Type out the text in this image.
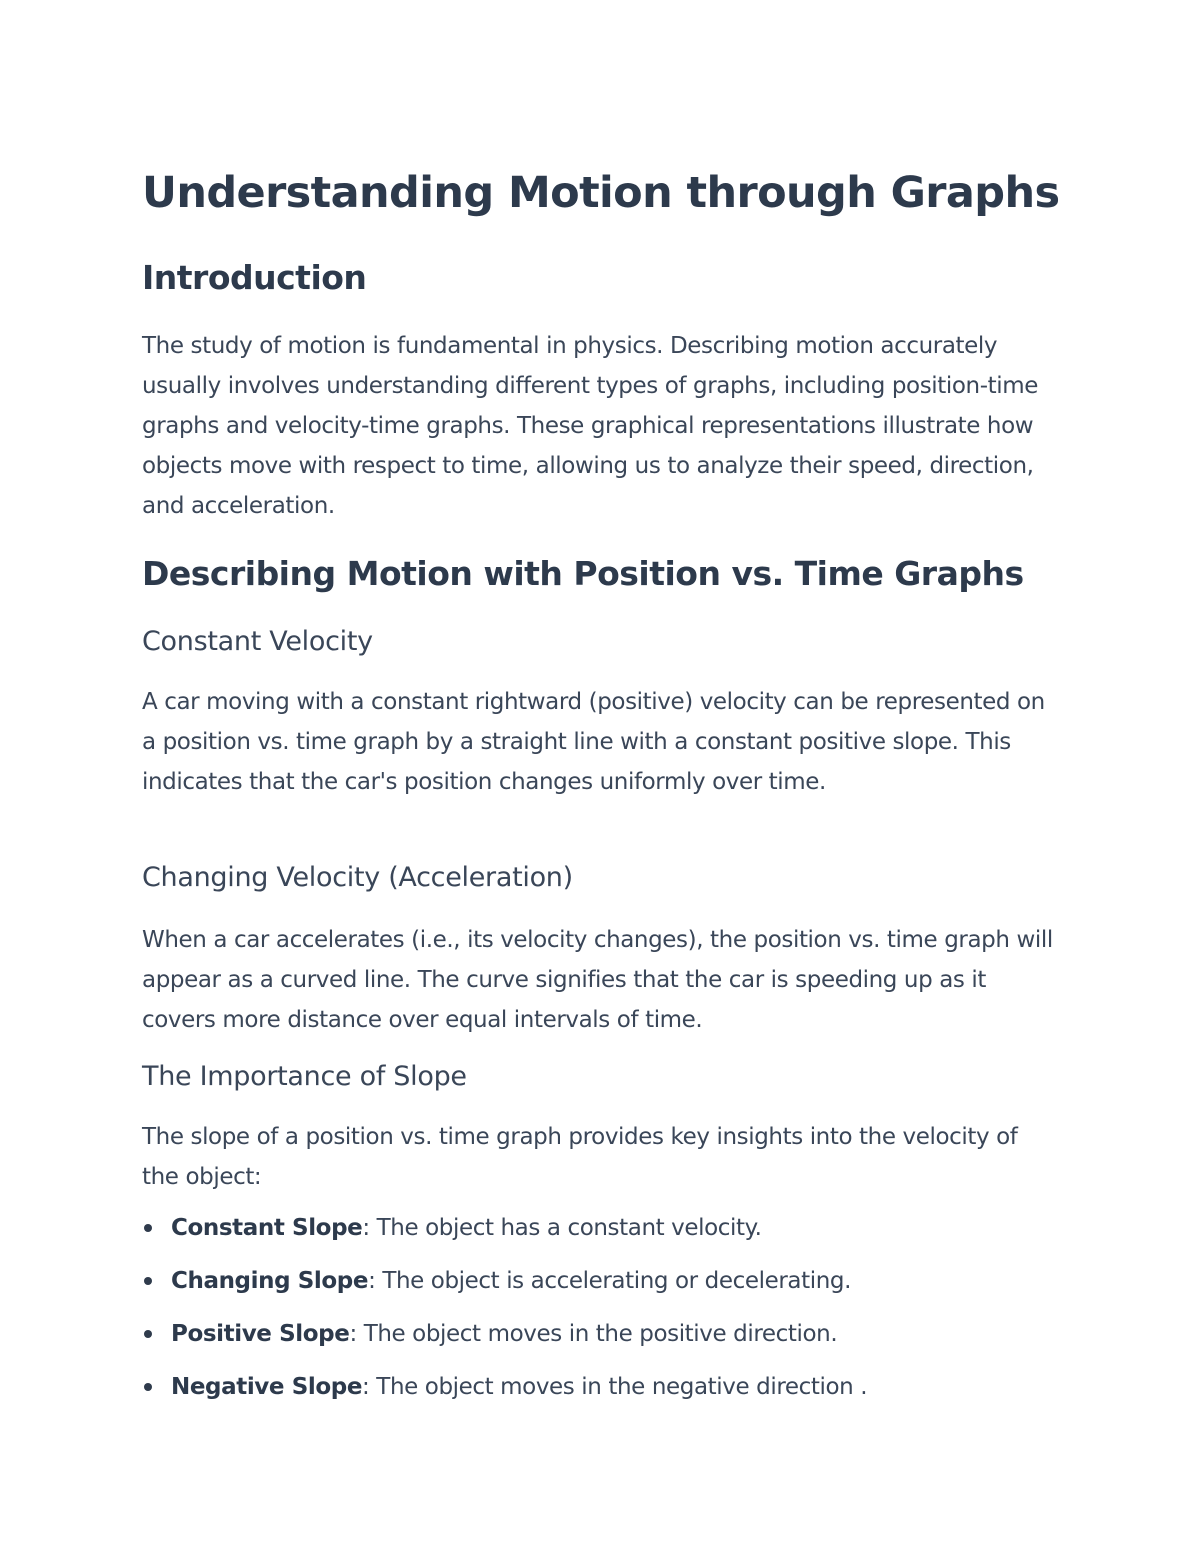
Understanding Motion through Graphs
Introduction

The study of motion is fundamental in physics. Describing motion accurately usually involves understanding different types of graphs, including position-time graphs and velocity-time graphs. These graphical representations illustrate how objects move with respect to time, allowing us to analyze their speed, direction, and acceleration.

Describing Motion with Position vs. Time Graphs
Constant Velocity

A car moving with a constant rightward (positive) velocity can be represented on a position vs. time graph by a straight line with a constant positive slope. This indicates that the car's position changes uniformly over time.

Changing Velocity (Acceleration)

When a car accelerates (i.e., its velocity changes), the position vs. time graph will appear as a curved line. The curve signifies that the car is speeding up as it covers more distance over equal intervals of time.

The Importance of Slope

The slope of a position vs. time graph provides key insights into the velocity of the object:

Constant Slope: The object has a constant velocity.
Changing Slope: The object is accelerating or decelerating.
Positive Slope: The object moves in the positive direction.
Negative Slope: The object moves in the negative direction .
